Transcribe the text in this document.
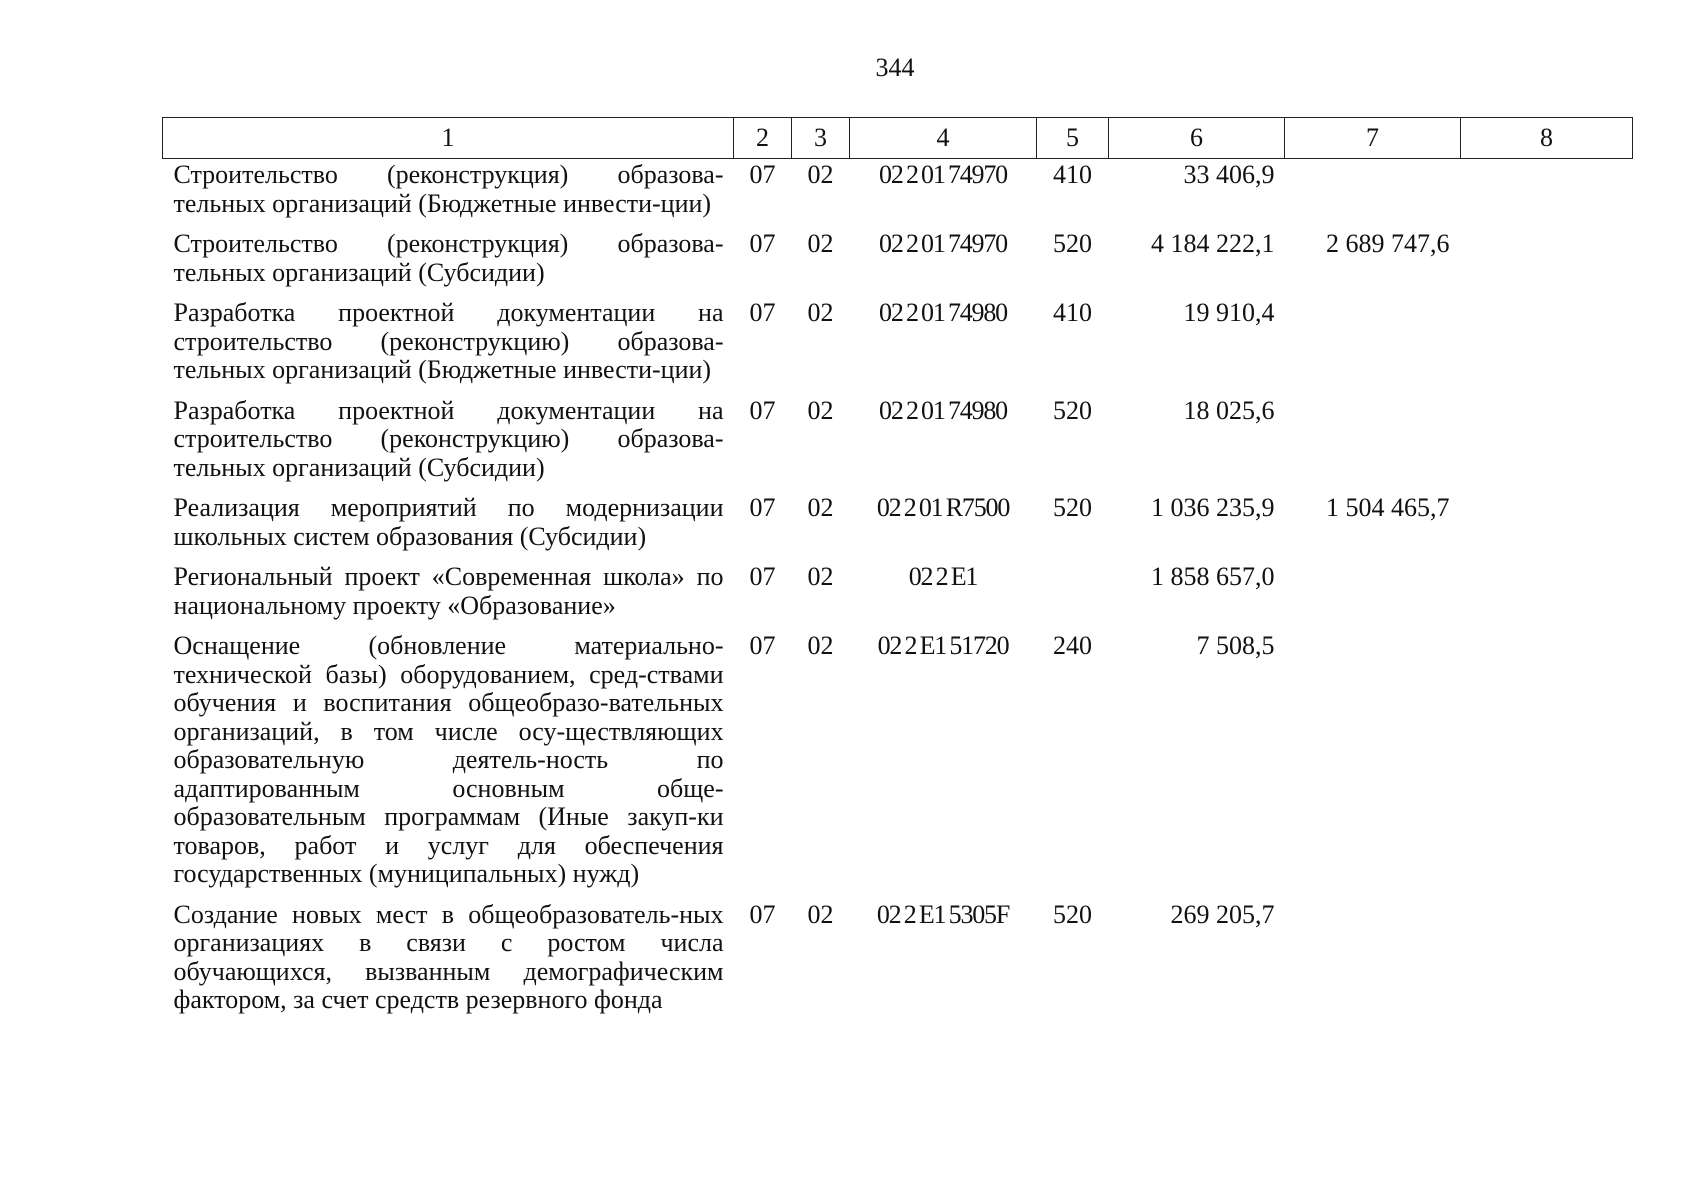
344
1	2	3	4	5	6	7	8
Строительство (реконструкция) образова-тельных организаций (Бюджетные инвести-ции)	07	02	02 2 01 74970	410	33 406,9		
Строительство (реконструкция) образова-тельных организаций (Субсидии)	07	02	02 2 01 74970	520	4 184 222,1	2 689 747,6	
Разработка проектной документации на строительство (реконструкцию) образова-тельных организаций (Бюджетные инвести-ции)	07	02	02 2 01 74980	410	19 910,4		
Разработка проектной документации на строительство (реконструкцию) образова-тельных организаций (Субсидии)	07	02	02 2 01 74980	520	18 025,6		
Реализация мероприятий по модернизации школьных систем образования (Субсидии)	07	02	02 2 01 R7500	520	1 036 235,9	1 504 465,7	
Региональный проект «Современная школа» по национальному проекту «Образование»	07	02	02 2 E1		1 858 657,0		
Оснащение (обновление материально-технической базы) оборудованием, сред-ствами обучения и воспитания общеобразо-вательных организаций, в том числе осу-ществляющих образовательную деятель-ность по адаптированным основным обще-образовательным программам (Иные закуп-ки товаров, работ и услуг для обеспечения государственных (муниципальных) нужд)	07	02	02 2 E1 51720	240	7 508,5		
Создание новых мест в общеобразователь-ных организациях в связи с ростом числа обучающихся, вызванным демографическим фактором, за счет средств резервного фонда	07	02	02 2 E1 5305F	520	269 205,7		
